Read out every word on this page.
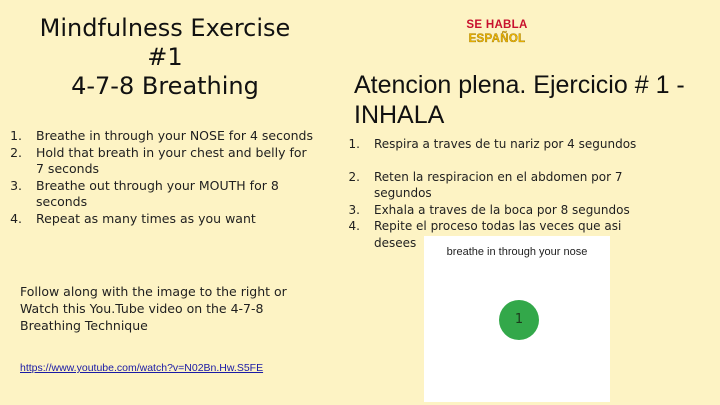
Mindfulness Exercise
#1
4-7-8 Breathing
1. Breathe in through your NOSE for 4 seconds
2. Hold that breath in your chest and belly for 7 seconds
3. Breathe out through your MOUTH for 8 seconds
4. Repeat as many times as you want
Follow along with the image to the right or Watch this You.Tube video on the 4-7-8 Breathing Technique
https://www.youtube.com/watch?v=N02Bn.Hw.S5FE
SE HABLA
ESPAÑOL
Atencion plena. Ejercicio # 1 - INHALA
1. Respira a traves de tu nariz por 4 segundos
2. Reten la respiracion en el abdomen por 7 segundos
3. Exhala a traves de la boca por 8 segundos
4. Repite el proceso todas las veces que asi desees
breathe in through your nose
1
